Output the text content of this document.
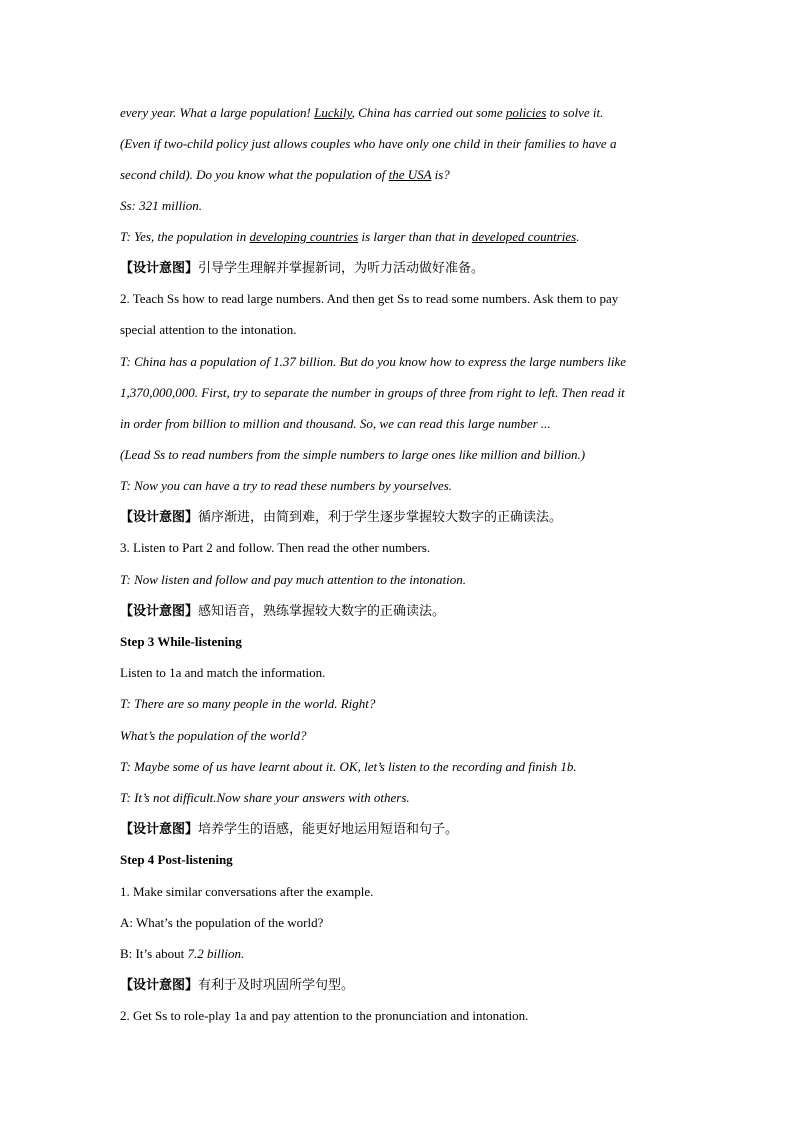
every year. What a large population! Luckily, China has carried out some policies to solve it.
(Even if two-child policy just allows couples who have only one child in their families to have a
second child). Do you know what the population of the USA is?
Ss: 321 million.
T: Yes, the population in developing countries is larger than that in developed countries.
【设计意图】引导学生理解并掌握新词，为听力活动做好准备。
2. Teach Ss how to read large numbers. And then get Ss to read some numbers. Ask them to pay
special attention to the intonation.
T: China has a population of 1.37 billion. But do you know how to express the large numbers like
1,370,000,000. First, try to separate the number in groups of three from right to left. Then read it
in order from billion to million and thousand. So, we can read this large number ...
(Lead Ss to read numbers from the simple numbers to large ones like million and billion.)
T: Now you can have a try to read these numbers by yourselves.
【设计意图】循序渐进，由简到难，利于学生逐步掌握较大数字的正确读法。
3. Listen to Part 2 and follow. Then read the other numbers.
T: Now listen and follow and pay much attention to the intonation.
【设计意图】感知语音，熟练掌握较大数字的正确读法。
Step 3 While-listening
Listen to 1a and match the information.
T: There are so many people in the world. Right?
What’s the population of the world?
T: Maybe some of us have learnt about it. OK, let’s listen to the recording and finish 1b.
T: It’s not difficult.Now share your answers with others.
【设计意图】培养学生的语感，能更好地运用短语和句子。
Step 4 Post-listening
1. Make similar conversations after the example.
A: What’s the population of the world?
B: It’s about 7.2 billion.
【设计意图】有利于及时巩固所学句型。
2. Get Ss to role-play 1a and pay attention to the pronunciation and intonation.
